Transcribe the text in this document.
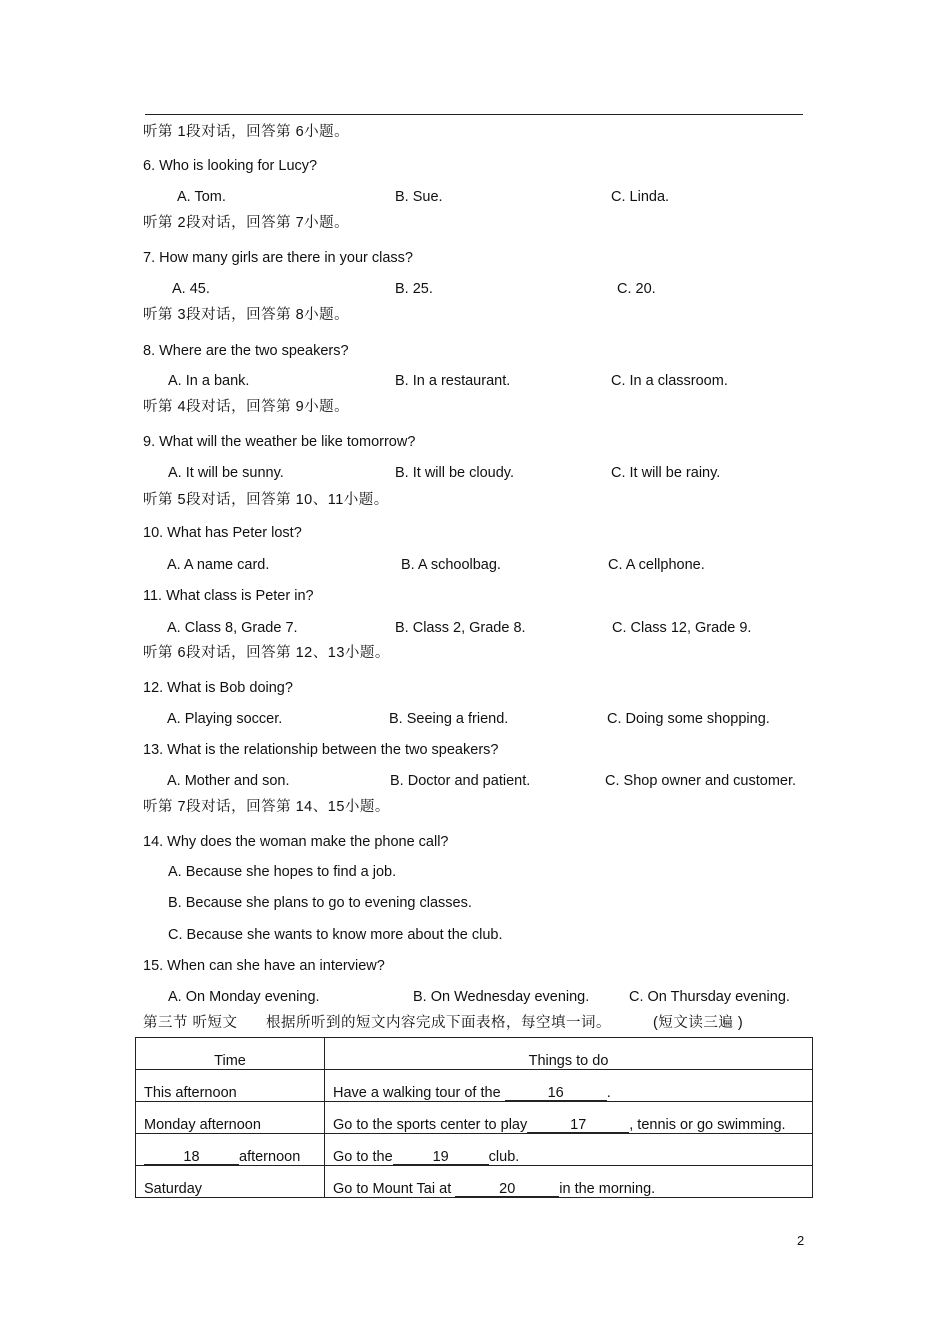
听第 1段对话，回答第 6小题。
6. Who is looking for Lucy?
A. Tom.	B. Sue.	C. Linda.
听第 2段对话，回答第 7小题。
7. How many girls are there in your class?
A. 45.	B. 25.	C. 20.
听第 3段对话，回答第 8小题。
8. Where are the two speakers?
A. In a bank.	B. In a restaurant.	C. In a classroom.
听第 4段对话，回答第 9小题。
9. What will the weather be like tomorrow?
A. It will be sunny.	B. It will be cloudy.	C. It will be rainy.
听第 5段对话，回答第 10、11小题。
10. What has Peter lost?
A. A name card.	B. A schoolbag.	C. A cellphone.
11. What class is Peter in?
A. Class 8, Grade 7.	B. Class 2, Grade 8.	C. Class 12, Grade 9.
听第 6段对话，回答第 12、13小题。
12. What is Bob doing?
A. Playing soccer.	B. Seeing a friend.	C. Doing some shopping.
13. What is the relationship between the two speakers?
A. Mother and son.	B. Doctor and patient.	C. Shop owner and customer.
听第 7段对话，回答第 14、15小题。
14. Why does the woman make the phone call?
A. Because she hopes to find a job.
B. Because she plans to go to evening classes.
C. Because she wants to know more about the club.
15. When can she have an interview?
A. On Monday evening.	B. On Wednesday evening.	C. On Thursday evening.
第三节 听短文 根据所听到的短文内容完成下面表格，每空填一词。	(短文读三遍 )
Time	Things to do
This afternoon	Have a walking tour of the 16 .
Monday afternoon	Go to the sports center to play 17 , tennis or go swimming.
18 afternoon	Go to the 19 club.
Saturday	Go to Mount Tai at 20 in the morning.
2
